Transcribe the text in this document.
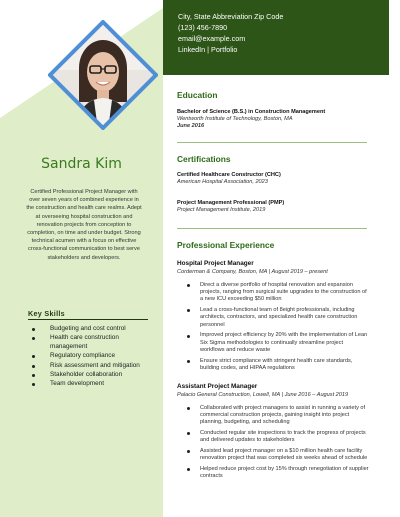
Sandra Kim
Certified Professional Project Manager with over seven years of combined experience in the construction and health care realms. Adept at overseeing hospital construction and renovation projects from conception to completion, on time and under budget. Strong technical acumen with a focus on effective cross-functional communication to best serve stakeholders and developers.
Key Skills
Budgeting and cost control
Health care construction management
Regulatory compliance
Risk assessment and mitigation
Stakeholder collaboration
Team development
City, State Abbreviation Zip Code
(123) 456-7890
email@example.com
LinkedIn | Portfolio
Education
Bachelor of Science (B.S.) in Construction Management
Wentworth Institute of Technology, Boston, MA
June 2016
Certifications
Certified Healthcare Constructor (CHC)
American Hospital Association, 2023
Project Management Professional (PMP)
Project Management Institute, 2019
Professional Experience
Hospital Project Manager
Corderman & Company, Boston, MA | August 2019 – present
Direct a diverse portfolio of hospital renovation and expansion projects, ranging from surgical suite upgrades to the construction of a new ICU exceeding $50 million
Lead a cross-functional team of 8eight professionals, including architects, contractors, and specialized health care construction personnel
Improved project efficiency by 20% with the implementation of Lean Six Sigma methodologies to continually streamline project workflows and reduce waste
Ensure strict compliance with stringent health care standards, building codes, and HIPAA regulations
Assistant Project Manager
Palacio General Construction, Lowell, MA | June 2016 – August 2019
Collaborated with project managers to assist in running a variety of commercial construction projects, gaining insight into project planning, budgeting, and scheduling
Conducted regular site inspections to track the progress of projects and delivered updates to stakeholders
Assisted lead project manager on a $10 million health care facility renovation project that was completed six weeks ahead of schedule
Helped reduce project cost by 15% through renegotiation of supplier contracts
